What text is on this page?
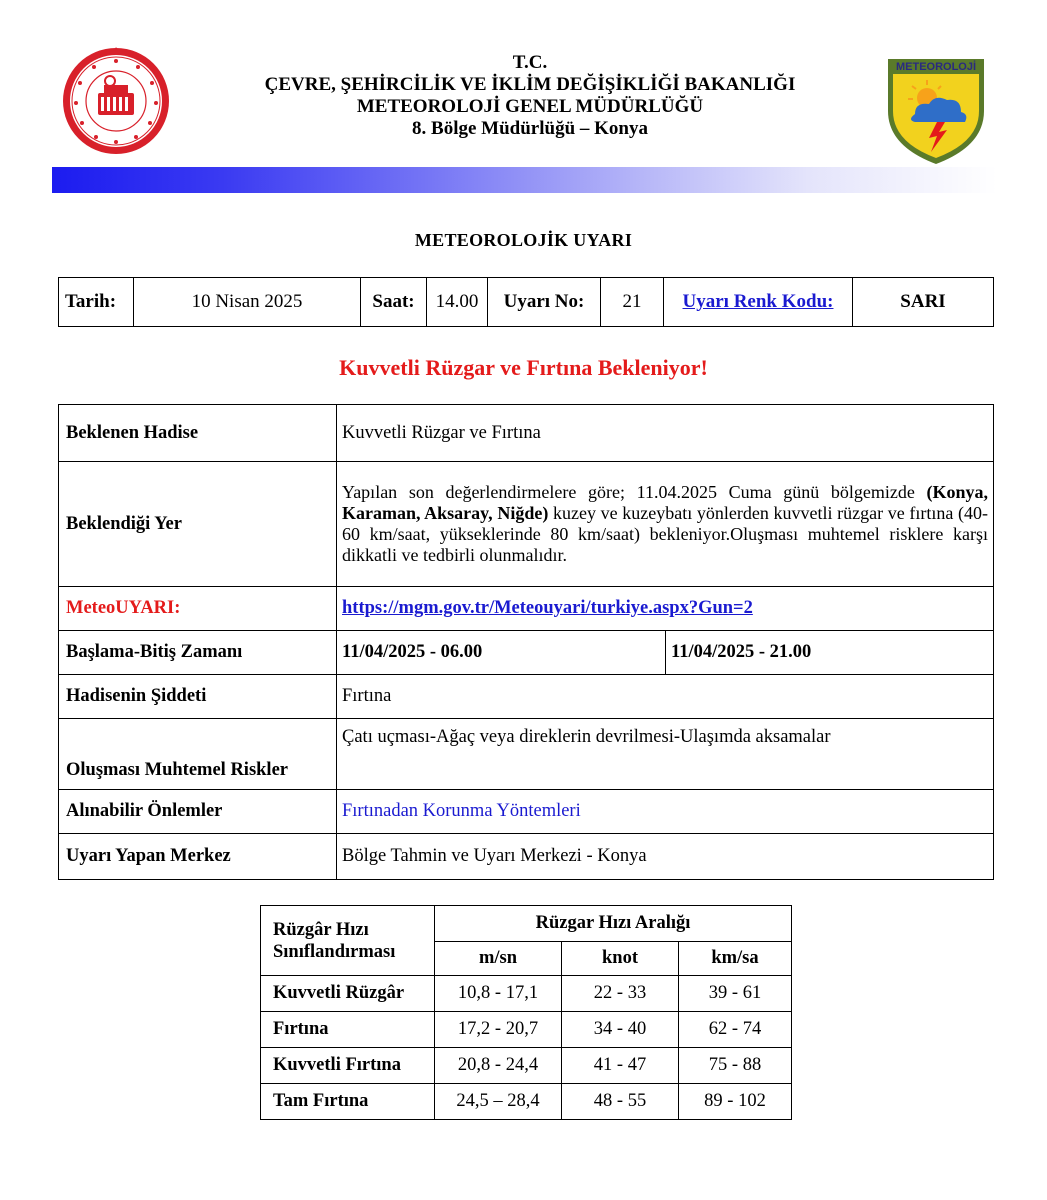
T.C.
ÇEVRE, ŞEHİRCİLİK VE İKLİM DEĞİŞİKLİĞİ BAKANLIĞI
METEOROLOJİ GENEL MÜDÜRLÜĞÜ
8. Bölge Müdürlüğü – Konya
METEOROLOJİ
METEOROLOJİK UYARI
Tarih:	10 Nisan 2025	Saat:	14.00	Uyarı No:	21	Uyarı Renk Kodu:	SARI
Kuvvetli Rüzgar ve Fırtına Bekleniyor!
Beklenen Hadise	Kuvvetli Rüzgar ve Fırtına	
Beklendiği Yer	Yapılan son değerlendirmelere göre; 11.04.2025 Cuma günü bölgemizde (Konya, Karaman, Aksaray, Niğde) kuzey ve kuzeybatı yönlerden kuvvetli rüzgar ve fırtına (40-60 km/saat, yükseklerinde 80 km/saat) bekleniyor.Oluşması muhtemel risklere karşı dikkatli ve tedbirli olunmalıdır.	
MeteoUYARI:	https://mgm.gov.tr/Meteouyari/turkiye.aspx?Gun=2	
Başlama-Bitiş Zamanı	11/04/2025 - 06.00	11/04/2025 - 21.00
Hadisenin Şiddeti	Fırtına	
Oluşması Muhtemel Riskler	Çatı uçması-Ağaç veya direklerin devrilmesi-Ulaşımda aksamalar	
Alınabilir Önlemler	Fırtınadan Korunma Yöntemleri	
Uyarı Yapan Merkez	Bölge Tahmin ve Uyarı Merkezi - Konya	
Rüzgâr Hızı
Sınıflandırması	Rüzgar Hızı Aralığı		
	m/sn	knot	km/sa
Kuvvetli Rüzgâr	10,8 - 17,1	22 - 33	39 - 61
Fırtına	17,2 - 20,7	34 - 40	62 - 74
Kuvvetli Fırtına	20,8 - 24,4	41 - 47	75 - 88
Tam Fırtına	24,5 – 28,4	48 - 55	89 - 102
